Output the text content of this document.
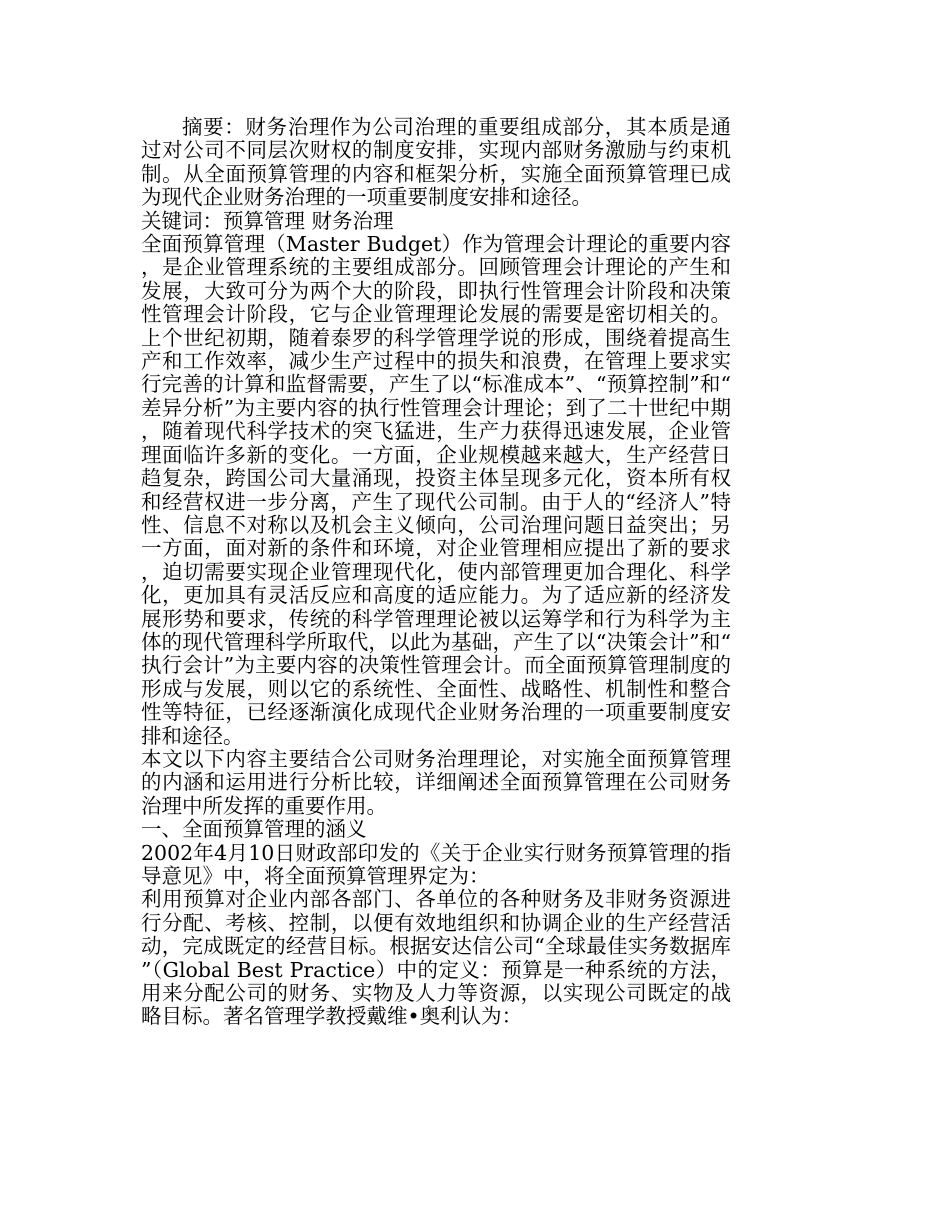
摘要：财务治理作为公司治理的重要组成部分，其本质是通过对公司不同层次财权的制度安排，实现内部财务激励与约束机制。从全面预算管理的内容和框架分析，实施全面预算管理已成为现代企业财务治理的一项重要制度安排和途径。

关键词：预算管理 财务治理

全面预算管理（Master Budget）作为管理会计理论的重要内容，是企业管理系统的主要组成部分。回顾管理会计理论的产生和发展，大致可分为两个大的阶段，即执行性管理会计阶段和决策性管理会计阶段，它与企业管理理论发展的需要是密切相关的。 上个世纪初期，随着泰罗的科学管理学说的形成，围绕着提高生产和工作效率，减少生产过程中的损失和浪费，在管理上要求实行完善的计算和监督需要，产生了以“标准成本”、“预算控制”和“差异分析”为主要内容的执行性管理会计理论；到了二十世纪中期，随着现代科学技术的突飞猛进，生产力获得迅速发展，企业管理面临许多新的变化。一方面，企业规模越来越大，生产经营日趋复杂，跨国公司大量涌现，投资主体呈现多元化，资本所有权和经营权进一步分离，产生了现代公司制。由于人的“经济人”特性、信息不对称以及机会主义倾向，公司治理问题日益突出；另一方面，面对新的条件和环境，对企业管理相应提出了新的要求，迫切需要实现企业管理现代化，使内部管理更加合理化、科学化，更加具有灵活反应和高度的适应能力。为了适应新的经济发展形势和要求，传统的科学管理理论被以运筹学和行为科学为主体的现代管理科学所取代，以此为基础，产生了以“决策会计”和“执行会计”为主要内容的决策性管理会计。而全面预算管理制度的形成与发展，则以它的系统性、全面性、战略性、机制性和整合性等特征，已经逐渐演化成现代企业财务治理的一项重要制度安排和途径。

本文以下内容主要结合公司财务治理理论，对实施全面预算管理的内涵和运用进行分析比较，详细阐述全面预算管理在公司财务治理中所发挥的重要作用。

一、全面预算管理的涵义

2002年4月10日财政部印发的《关于企业实行财务预算管理的指导意见》中，将全面预算管理界定为：

利用预算对企业内部各部门、各单位的各种财务及非财务资源进行分配、考核、控制，以便有效地组织和协调企业的生产经营活动，完成既定的经营目标。根据安达信公司“全球最佳实务数据库”（Global Best Practice）中的定义：预算是一种系统的方法，用来分配公司的财务、实物及人力等资源，以实现公司既定的战略目标。著名管理学教授戴维•奥利认为：
